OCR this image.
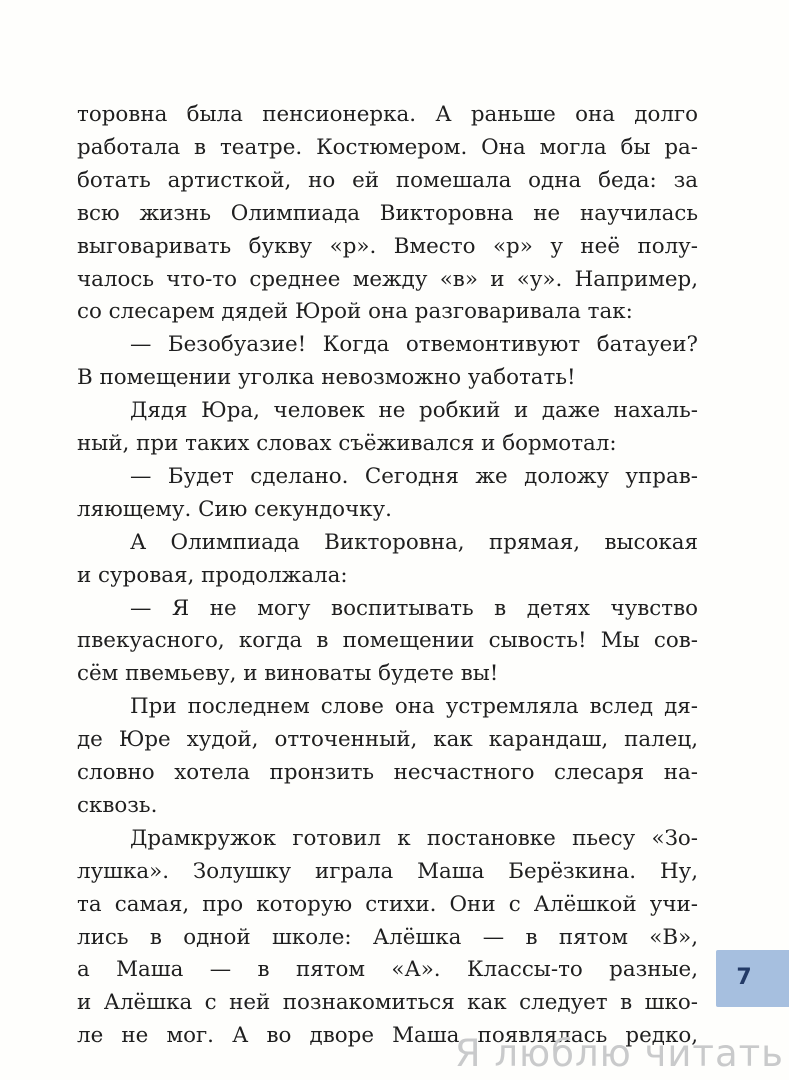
торовна была пенсионерка. А раньше она долго
работала в театре. Костюмером. Она могла бы ра-
ботать артисткой, но ей помешала одна беда: за
всю жизнь Олимпиада Викторовна не научилась
выговаривать букву «р». Вместо «р» у неё полу-
чалось что-то среднее между «в» и «у». Например,
со слесарем дядей Юрой она разговаривала так:
— Безобуазие! Когда отвемонтивуют батауеи?
В помещении уголка невозможно уаботать!
Дядя Юра, человек не робкий и даже нахаль-
ный, при таких словах съёживался и бормотал:
— Будет сделано. Сегодня же доложу управ-
ляющему. Сию секундочку.
А Олимпиада Викторовна, прямая, высокая
и суровая, продолжала:
— Я не могу воспитывать в детях чувство
пвекуасного, когда в помещении сывость! Мы сов-
сём пвемьеву, и виноваты будете вы!
При последнем слове она устремляла вслед дя-
де Юре худой, отточенный, как карандаш, палец,
словно хотела пронзить несчастного слесаря на-
сквозь.
Драмкружок готовил к постановке пьесу «Зо-
лушка». Золушку играла Маша Берёзкина. Ну,
та самая, про которую стихи. Они с Алёшкой учи-
лись в одной школе: Алёшка — в пятом «В»,
а Маша — в пятом «А». Классы-то разные,
и Алёшка с ней познакомиться как следует в шко-
ле не мог. А во дворе Маша появлялась редко,
7
Я люблю читать
